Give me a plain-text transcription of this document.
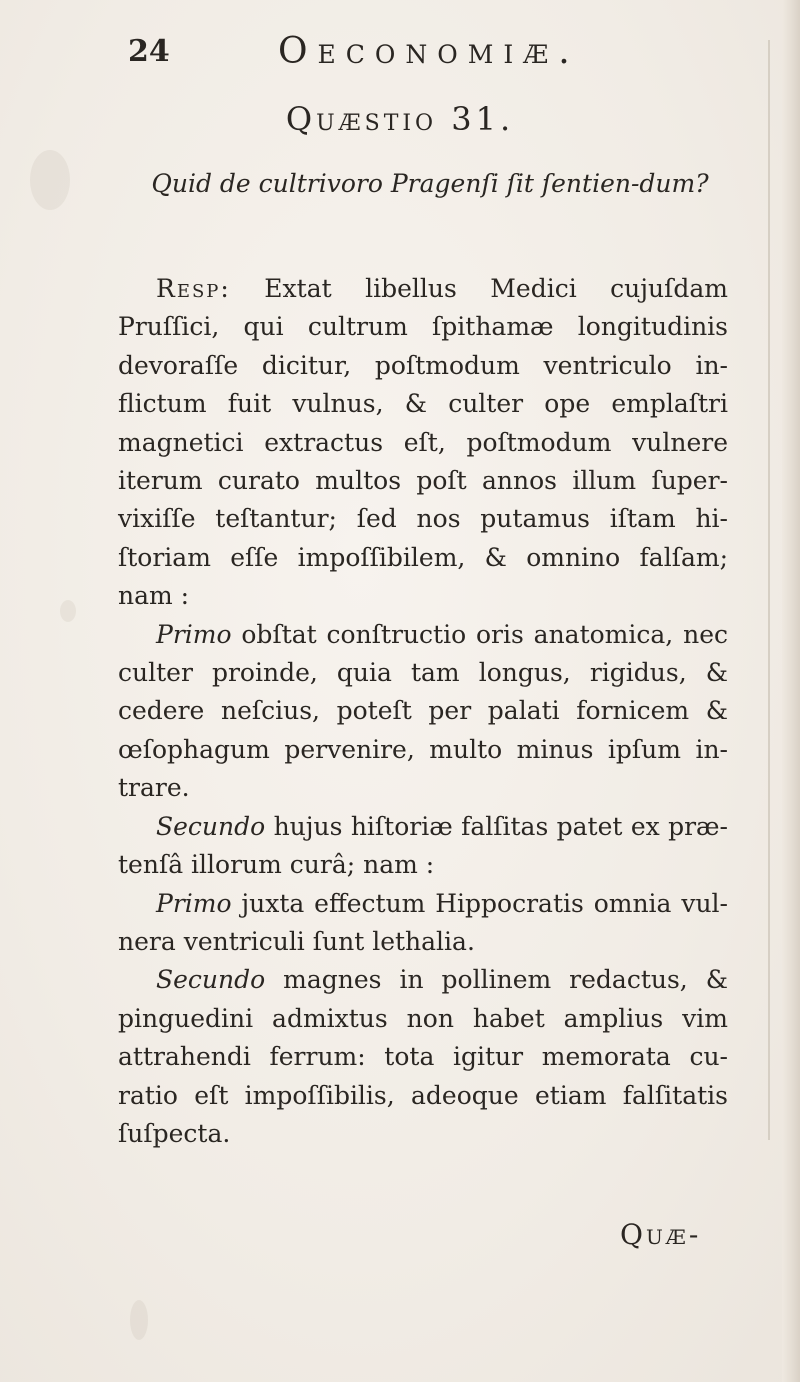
24	Oeconomiæ.
Quæstio 31.
Quid de cultrivoro Pragenſi ſit ſentien-dum?

Resp: Extat libellus Medici cujuſdam Pruſſici, qui cultrum ſpithamæ longitudinis devoraſſe dicitur, poſtmodum ventriculo in-flictum fuit vulnus, & culter ope emplaſtri magnetici extractus eſt, poſtmodum vulnere iterum curato multos poſt annos illum ſuper-vixiſſe teſtantur; ſed nos putamus iſtam hi-ſtoriam eſſe impoſſibilem, & omnino falſam; nam :

Primo obſtat conſtructio oris anatomica, nec culter proinde, quia tam longus, rigidus, & cedere neſcius, poteſt per palati fornicem & œſophagum pervenire, multo minus ipſum in-trare.

Secundo hujus hiſtoriæ falſitas patet ex præ-tenſâ illorum curâ; nam :

Primo juxta effectum Hippocratis omnia vul-nera ventriculi ſunt lethalia.

Secundo magnes in pollinem redactus, & pinguedini admixtus non habet amplius vim attrahendi ferrum: tota igitur memorata cu-ratio eſt impoſſibilis, adeoque etiam falſitatis ſuſpecta.

Quæ-
